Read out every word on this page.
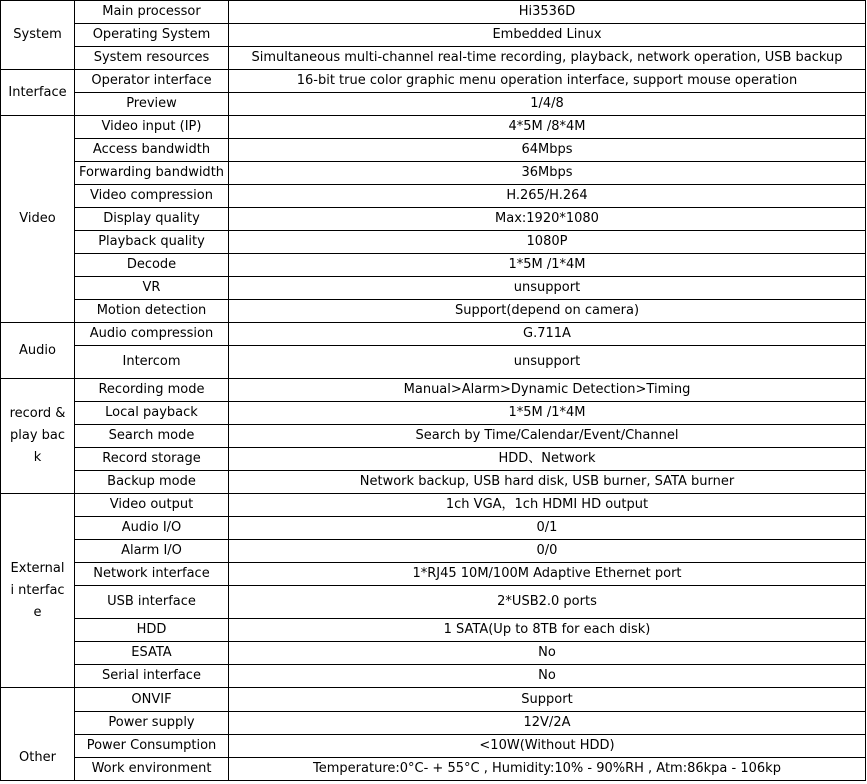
System	Main processor	Hi3536D
	Operating System	Embedded Linux
	System resources	Simultaneous multi-channel real-time recording, playback, network operation, USB backup
Interface	Operator interface	16-bit true color graphic menu operation interface, support mouse operation
	Preview	1/4/8
Video	Video input (IP)	4*5M /8*4M
	Access bandwidth	64Mbps
	Forwarding bandwidth	36Mbps
	Video compression	H.265/H.264
	Display quality	Max:1920*1080
	Playback quality	1080P
	Decode	1*5M /1*4M
	VR	unsupport
	Motion detection	Support(depend on camera)
Audio	Audio compression	G.711A
	Intercom	unsupport
record & play back	Recording mode	Manual>Alarm>Dynamic Detection>Timing
	Local payback	1*5M /1*4M
	Search mode	Search by Time/Calendar/Event/Channel
	Record storage	HDD、Network
	Backup mode	Network backup, USB hard disk, USB burner, SATA burner
External i nterface	Video output	1ch VGA，1ch HDMI HD output
	Audio I/O	0/1
	Alarm I/O	0/0
	Network interface	1*RJ45 10M/100M Adaptive Ethernet port
	USB interface	2*USB2.0 ports
	HDD	1 SATA(Up to 8TB for each disk)
	ESATA	No
	Serial interface	No
Other	ONVIF	Support
	Power supply	12V/2A
	Power Consumption	<10W(Without HDD)
	Work environment	Temperature:0°C- + 55°C , Humidity:10% - 90%RH , Atm:86kpa - 106kp
